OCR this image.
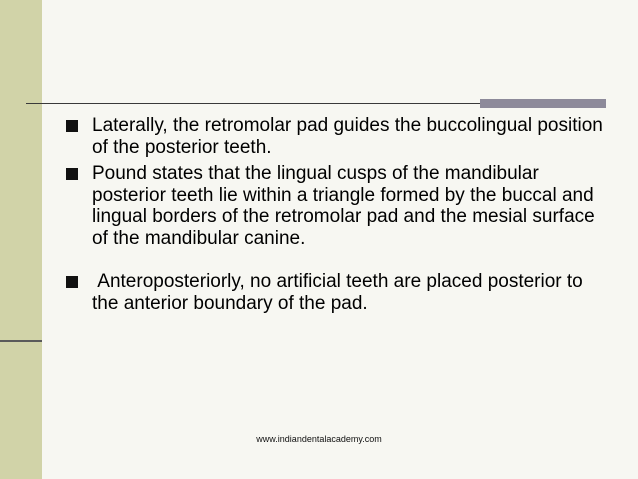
Laterally, the retromolar pad guides the buccolingual position of the posterior teeth.
Pound states that the lingual cusps of the mandibular posterior teeth lie within a triangle formed by the buccal and lingual borders of the retromolar pad and the mesial surface of the mandibular canine.
Anteroposteriorly, no artificial teeth are placed posterior to the anterior boundary of the pad.
www.indiandentalacademy.com
